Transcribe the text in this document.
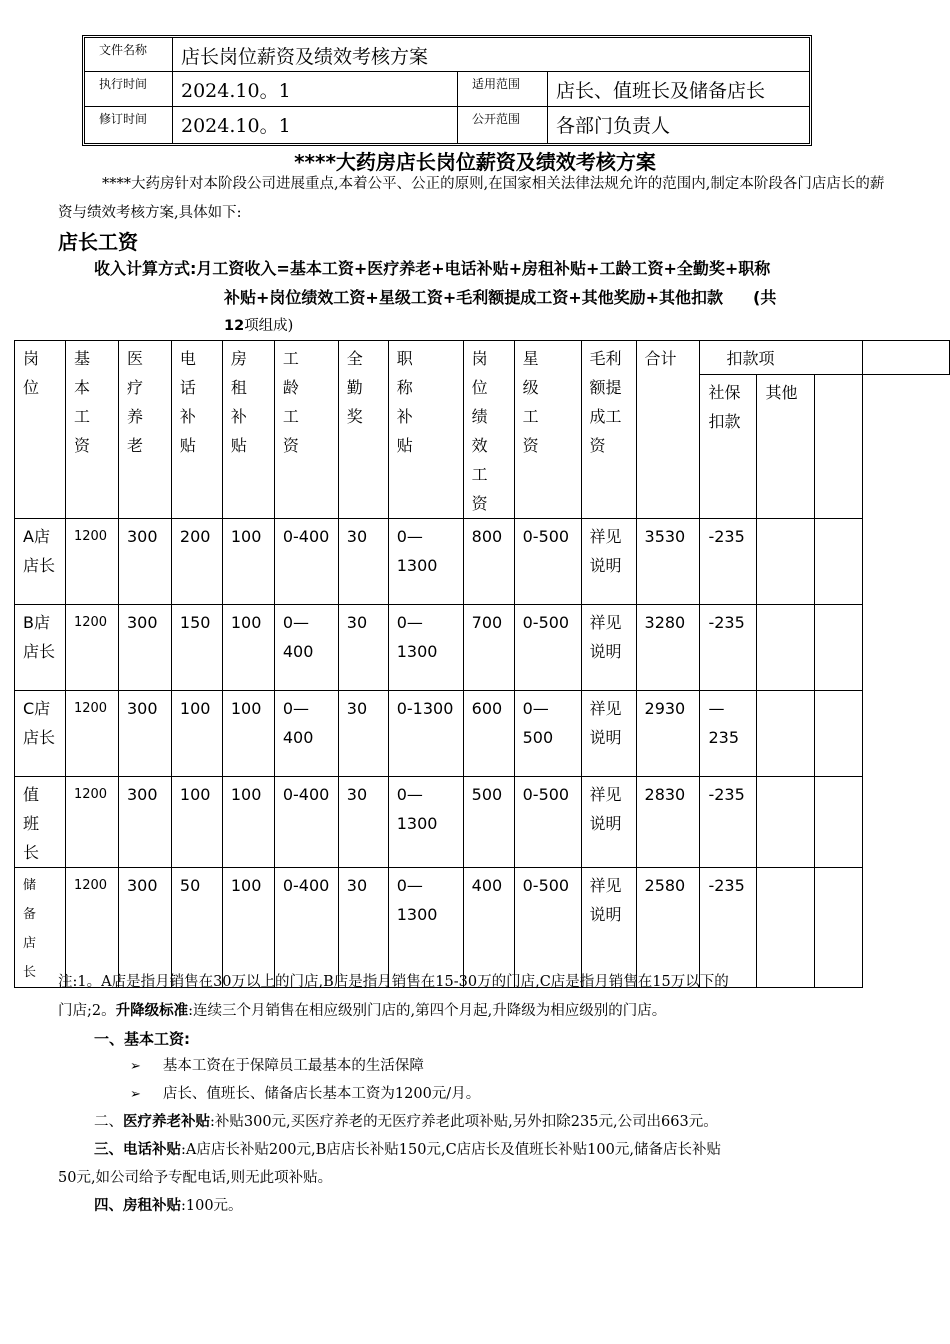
文件名称	店长岗位薪资及绩效考核方案
执行时间	2024.10。1	适用范围	店长、值班长及储备店长
修订时间	2024.10。1	公开范围	各部门负责人
****大药房店长岗位薪资及绩效考核方案
****大药房针对本阶段公司进展重点,本着公平、公正的原则,在国家相关法律法规允许的范围内,制定本阶段各门店店长的薪资与绩效考核方案,具体如下:
店长工资
收入计算方式:月工资收入=基本工资+医疗养老+电话补贴+房租补贴+工龄工资+全勤奖+职称
补贴+岗位绩效工资+星级工资+毛利额提成工资+其他奖励+其他扣款 (共
12项组成)
岗位	基本工资	医疗养老	电话补贴	房租补贴	工龄工资	全勤奖	职称补贴	岗位绩效工资	星级工资	毛利额提成工资	合计	扣款项			

												社保扣款	其他		

A店店长	1200	300	200	100	0-400	30	0—1300	800	0-500	祥见说明	3530	-235			

B店店长	1200	300	150	100	0—400	30	0—1300	700	0-500	祥见说明	3280	-235			

C店店长	1200	300	100	100	0—400	30	0-1300	600	0—500	祥见说明	2930	—235			

值班长	1200	300	100	100	0-400	30	0—1300	500	0-500	祥见说明	2830	-235			

储备店长	1200	300	50	100	0-400	30	0—1300	400	0-500	祥见说明	2580	-235			
注:1。A店是指月销售在30万以上的门店,B店是指月销售在15-30万的门店,C店是指月销售在15万以下的
门店;2。升降级标准:连续三个月销售在相应级别门店的,第四个月起,升降级为相应级别的门店。
一、基本工资:
➢ 基本工资在于保障员工最基本的生活保障
➢ 店长、值班长、储备店长基本工资为1200元/月。
二、医疗养老补贴:补贴300元,买医疗养老的无医疗养老此项补贴,另外扣除235元,公司出663元。
三、电话补贴:A店店长补贴200元,B店店长补贴150元,C店店长及值班长补贴100元,储备店长补贴
50元,如公司给予专配电话,则无此项补贴。
四、房租补贴:100元。
